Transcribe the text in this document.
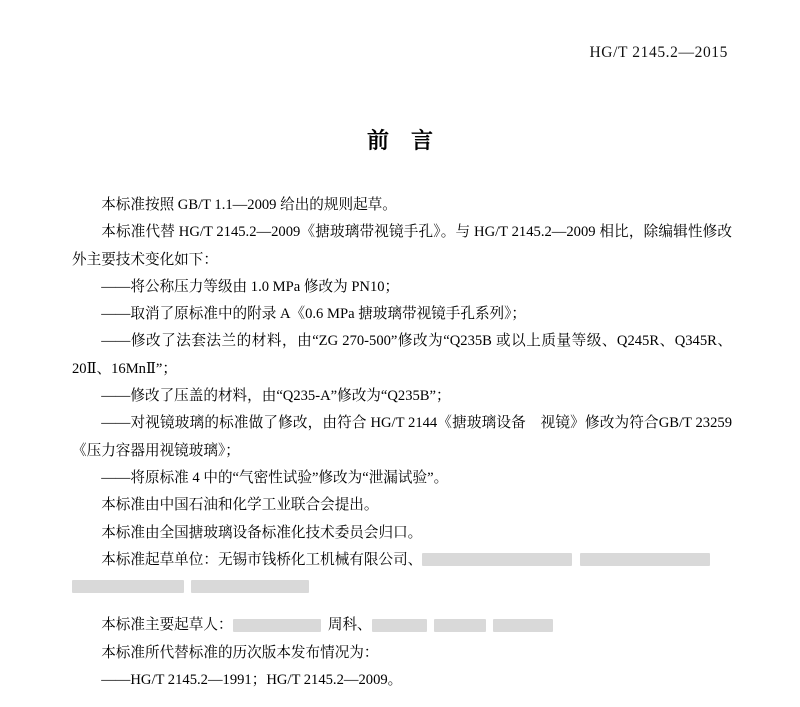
HG/T 2145.2—2015
前言

本标准按照 GB/T 1.1—2009 给出的规则起草。

本标准代替 HG/T 2145.2—2009《搪玻璃带视镜手孔》。与 HG/T 2145.2—2009 相比，除编辑性修改外主要技术变化如下：

——将公称压力等级由 1.0 MPa 修改为 PN10；

——取消了原标准中的附录 A《0.6 MPa 搪玻璃带视镜手孔系列》；

——修改了法套法兰的材料，由“ZG 270-500”修改为“Q235B 或以上质量等级、Q245R、Q345R、20Ⅱ、16MnⅡ”；

——修改了压盖的材料，由“Q235-A”修改为“Q235B”；

——对视镜玻璃的标准做了修改，由符合 HG/T 2144《搪玻璃设备　视镜》修改为符合GB/T 23259《压力容器用视镜玻璃》；

——将原标准 4 中的“气密性试验”修改为“泄漏试验”。

本标准由中国石油和化学工业联合会提出。

本标准由全国搪玻璃设备标准化技术委员会归口。

本标准起草单位：无锡市钱桥化工机械有限公司、

本标准主要起草人：	周科、

本标准所代替标准的历次版本发布情况为：

——HG/T 2145.2—1991；HG/T 2145.2—2009。
